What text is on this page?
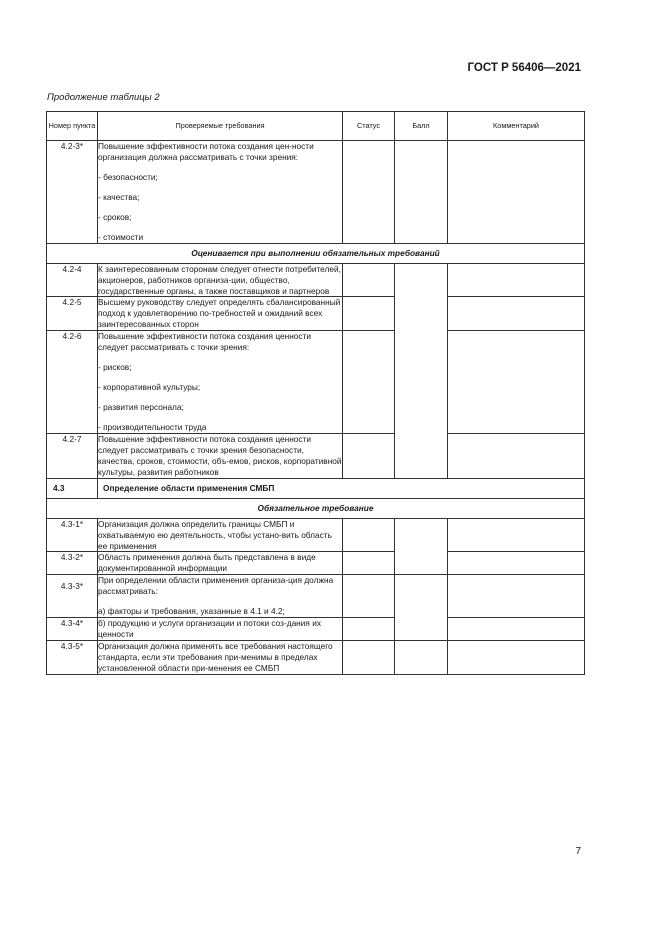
ГОСТ Р 56406—2021
Продолжение таблицы 2
Номер пункта	Проверяемые требования	Статус	Балл	Комментарий
4.2-3*	Повышение эффективности потока создания цен-ности организация должна рассматривать с точки зрения:

- безопасности;

- качества;

- сроков;

- стоимости			

Оценивается при выполнении обязательных требований				
4.2-4	К заинтересованным сторонам следует отнести потребителей, акционеров, работников организа-ции, общество, государственные органы, а также поставщиков и партнеров			
4.2-5	Высшему руководству следует определять сбалансированный подход к удовлетворению по-требностей и ожиданий всех заинтересованных сторон			
4.2-6	Повышение эффективности потока создания ценности следует рассматривать с точки зрения:

- рисков;

- корпоративной культуры;

- развития персонала;

- производительности труда			

4.2-7	Повышение эффективности потока создания ценности следует рассматривать с точки зрения безопасности, качества, сроков, стоимости, объ-емов, рисков, корпоративной культуры, развития работников			
4.3	Определение области применения СМБП			
Обязательное требование				
4.3-1*	Организация должна определить границы СМБП и охватываемую ею деятельность, чтобы устано-вить область ее применения			
4.3-2*	Область применения должна быть представлена в виде документированной информации			
4.3-3*	При определении области применения организа-ция должна рассматривать:

а) факторы и требования, указанные в 4.1 и 4.2;			

4.3-4*	б) продукцию и услуги организации и потоки соз-дания их ценности			
4.3-5*	Организация должна применять все требования настоящего стандарта, если эти требования при-менимы в пределах установленной области при-менения ее СМБП			
7
